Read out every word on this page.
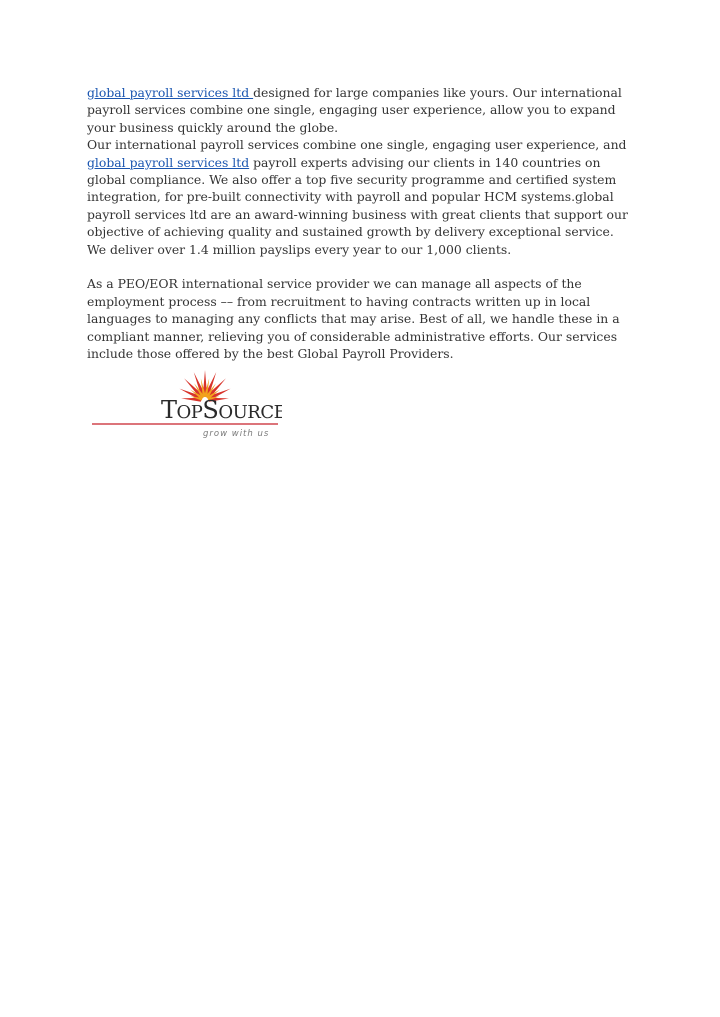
global payroll services ltd designed for large companies like yours. Our international payroll services combine one single, engaging user experience, allow you to expand your business quickly around the globe.

Our international payroll services combine one single, engaging user experience, and global payroll services ltd payroll experts advising our clients in 140 countries on global compliance. We also offer a top five security programme and certified system integration, for pre-built connectivity with payroll and popular HCM systems.global payroll services ltd are an award-winning business with great clients that support our objective of achieving quality and sustained growth by delivery exceptional service. We deliver over 1.4 million payslips every year to our 1,000 clients.

As a PEO/EOR international service provider we can manage all aspects of the employment process –– from recruitment to having contracts written up in local languages to managing any conflicts that may arise. Best of all, we handle these in a compliant manner, relieving you of considerable administrative efforts. Our services include those offered by the best Global Payroll Providers.

TOPSOURCE
grow with us
